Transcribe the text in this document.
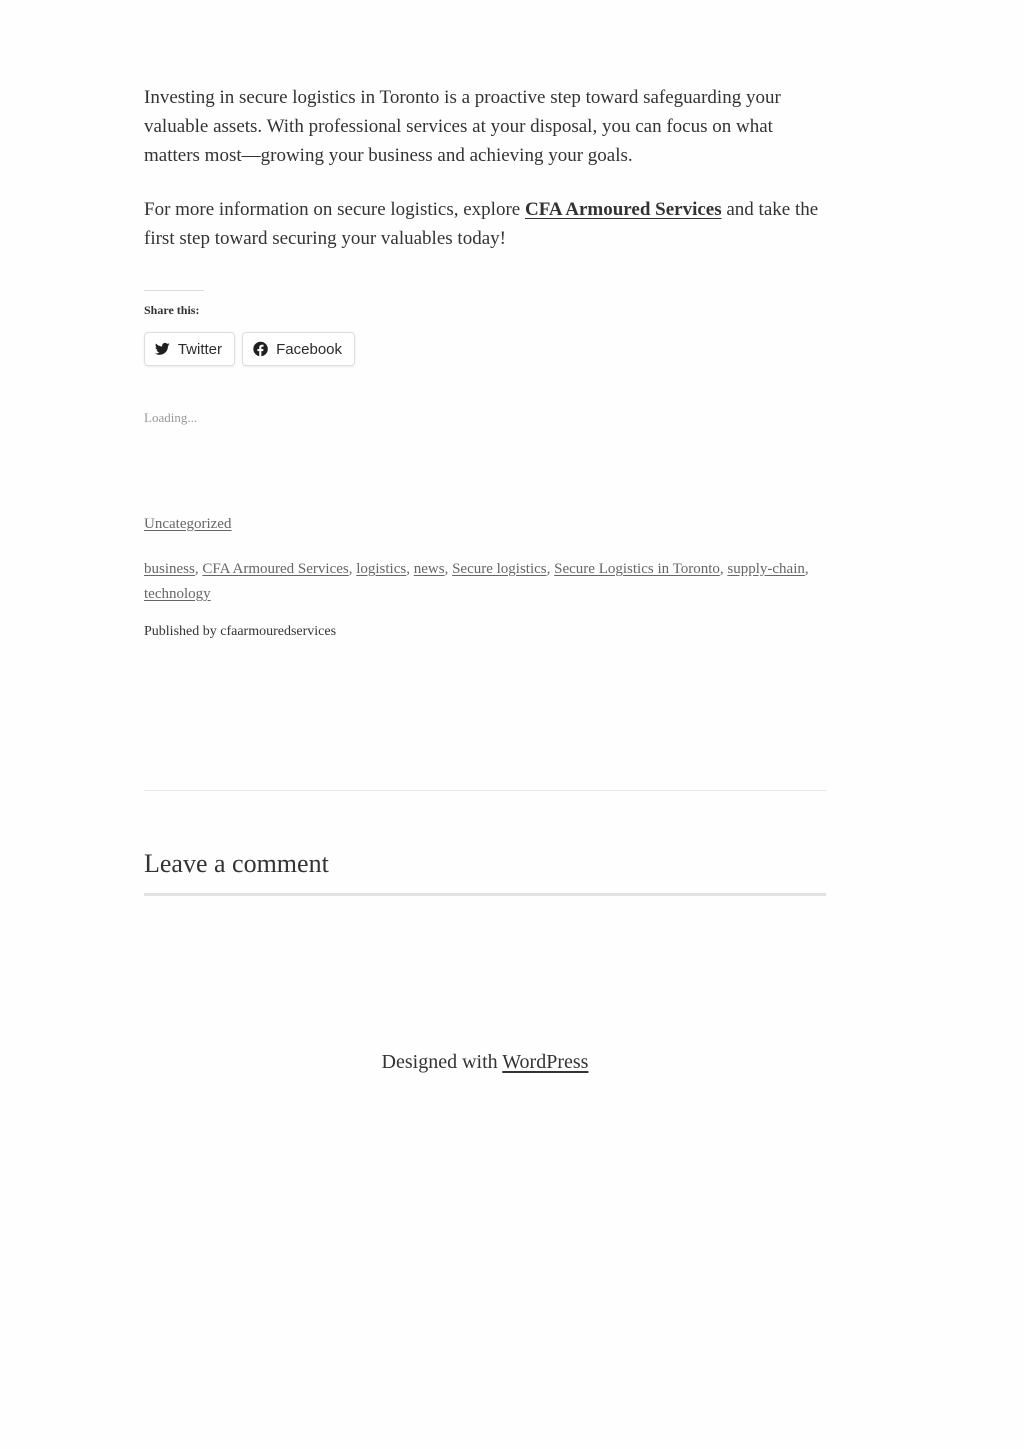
Investing in secure logistics in Toronto is a proactive step toward safeguarding your valuable assets. With professional services at your disposal, you can focus on what matters most—growing your business and achieving your goals.

For more information on secure logistics, explore CFA Armoured Services and take the first step toward securing your valuables today!

Share this:
Twitter	Facebook
Loading...
Uncategorized
business, CFA Armoured Services, logistics, news, Secure logistics, Secure Logistics in Toronto, supply-chain, technology
Published by cfaarmouredservices
Leave a comment
Designed with WordPress
